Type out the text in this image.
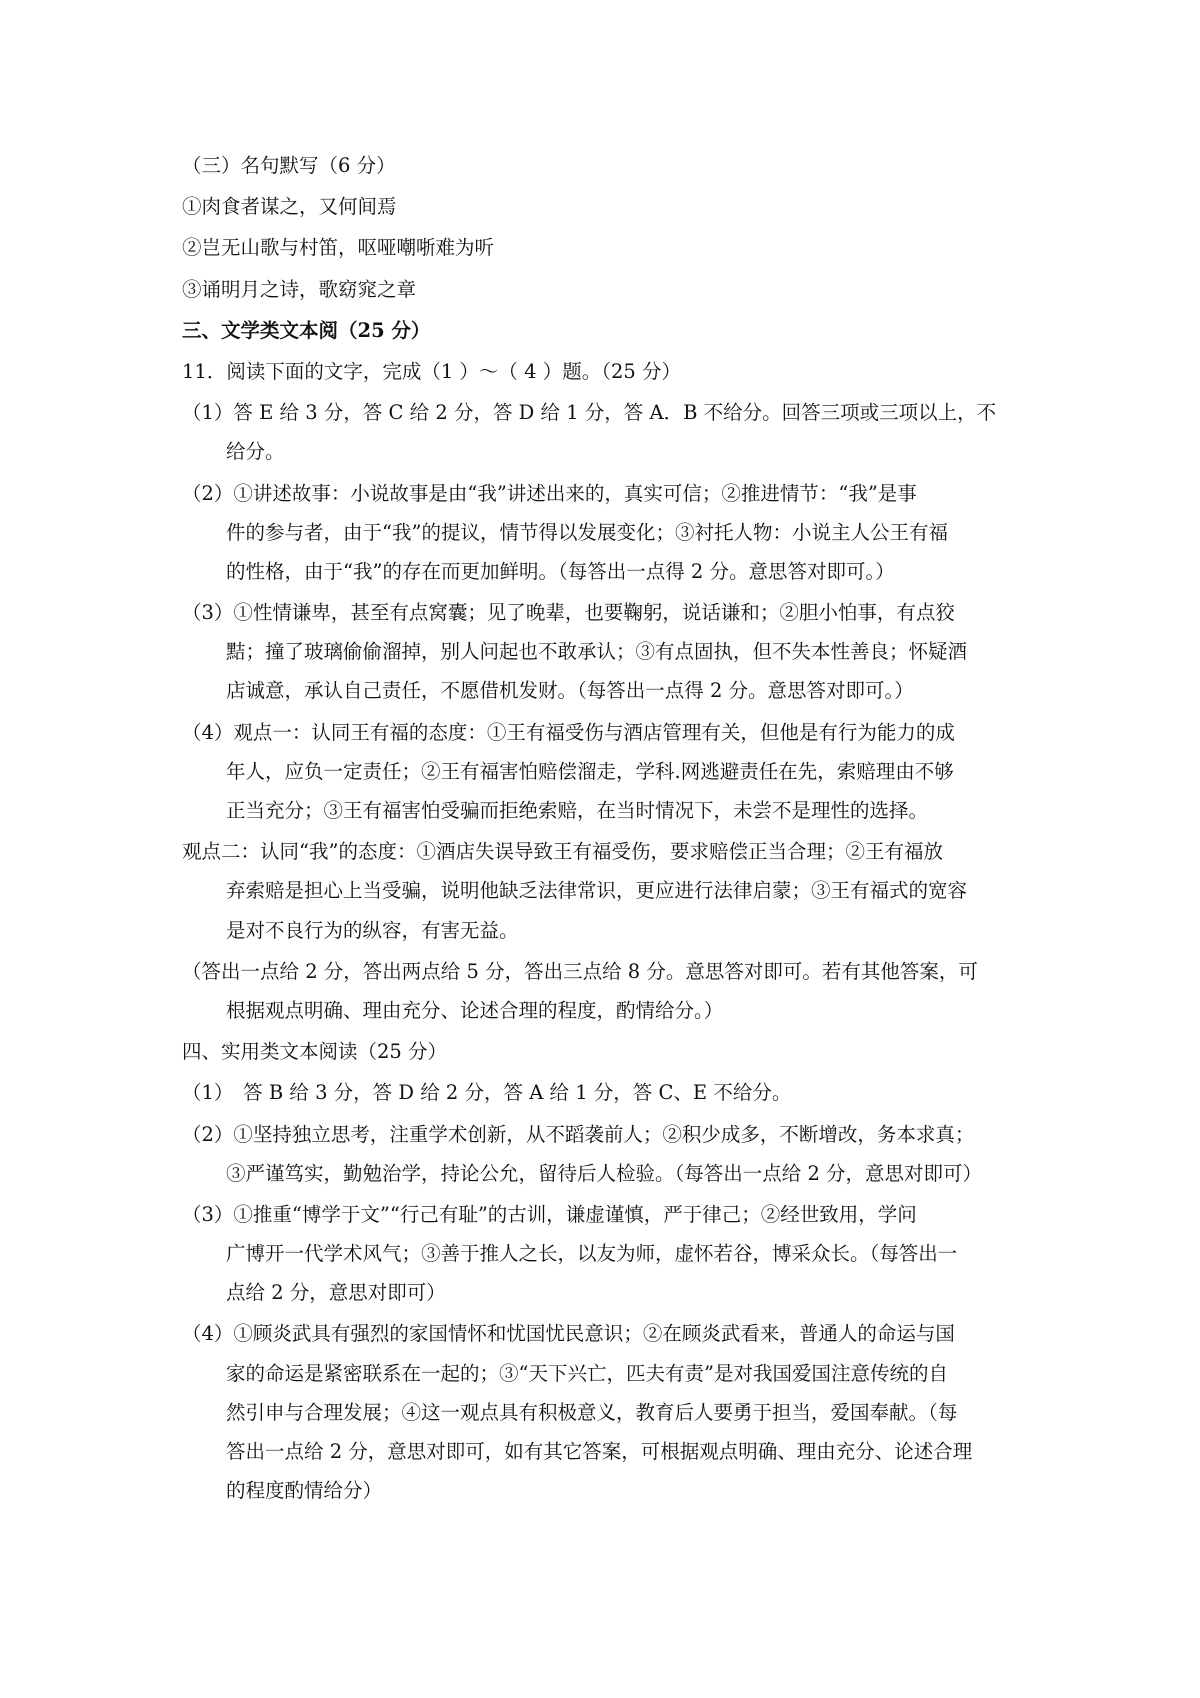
（三）名句默写（6 分）
①肉食者谋之，又何间焉
②岂无山歌与村笛，呕哑嘲哳难为听
③诵明月之诗，歌窈窕之章
三、文学类文本阅（25 分）
11．阅读下面的文字，完成（1 ）～（ 4 ）题。（25 分）
（1）答 E 给 3 分，答 C 给 2 分，答 D 给 1 分，答 A．B 不给分。回答三项或三项以上，不
给分。
（2）①讲述故事：小说故事是由“我”讲述出来的，真实可信；②推进情节：“我”是事
件的参与者，由于“我”的提议，情节得以发展变化；③衬托人物：小说主人公王有福
的性格，由于“我”的存在而更加鲜明。（每答出一点得 2 分。意思答对即可。）
（3）①性情谦卑，甚至有点窝囊；见了晚辈，也要鞠躬，说话谦和；②胆小怕事，有点狡
黠；撞了玻璃偷偷溜掉，别人问起也不敢承认；③有点固执，但不失本性善良；怀疑酒
店诚意，承认自己责任，不愿借机发财。（每答出一点得 2 分。意思答对即可。）
（4）观点一：认同王有福的态度：①王有福受伤与酒店管理有关，但他是有行为能力的成
年人，应负一定责任；②王有福害怕赔偿溜走，学科.网逃避责任在先，索赔理由不够
正当充分；③王有福害怕受骗而拒绝索赔，在当时情况下，未尝不是理性的选择。
观点二：认同“我”的态度：①酒店失误导致王有福受伤，要求赔偿正当合理；②王有福放
弃索赔是担心上当受骗，说明他缺乏法律常识，更应进行法律启蒙；③王有福式的宽容
是对不良行为的纵容，有害无益。
（答出一点给 2 分，答出两点给 5 分，答出三点给 8 分。意思答对即可。若有其他答案，可
根据观点明确、理由充分、论述合理的程度，酌情给分。）
四、实用类文本阅读（25 分）
（1）　答 B 给 3 分，答 D 给 2 分，答 A 给 1 分，答 C、E 不给分。
（2）①坚持独立思考，注重学术创新，从不蹈袭前人；②积少成多，不断增改，务本求真；
③严谨笃实，勤勉治学，持论公允，留待后人检验。（每答出一点给 2 分，意思对即可）
（3）①推重“博学于文”“行己有耻”的古训，谦虚谨慎，严于律己；②经世致用，学问
广博开一代学术风气；③善于推人之长，以友为师，虚怀若谷，博采众长。（每答出一
点给 2 分，意思对即可）
（4）①顾炎武具有强烈的家国情怀和忧国忧民意识；②在顾炎武看来，普通人的命运与国
家的命运是紧密联系在一起的；③“天下兴亡，匹夫有责”是对我国爱国注意传统的自
然引申与合理发展；④这一观点具有积极意义，教育后人要勇于担当，爱国奉献。（每
答出一点给 2 分，意思对即可，如有其它答案，可根据观点明确、理由充分、论述合理
的程度酌情给分）
